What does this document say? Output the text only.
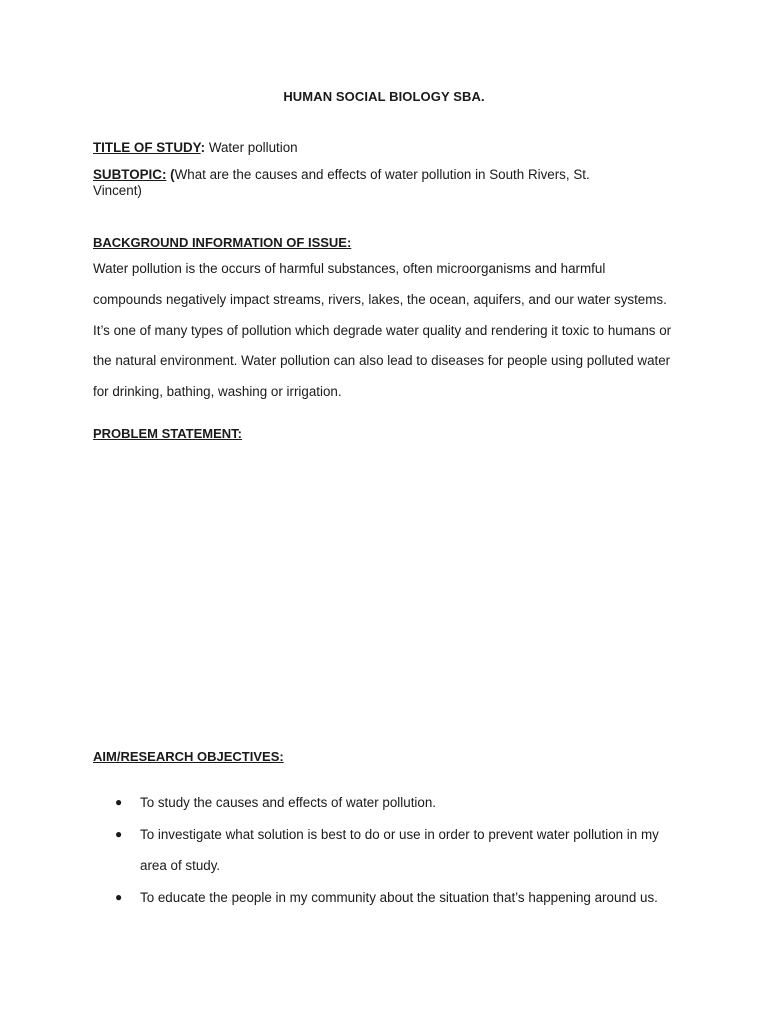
HUMAN SOCIAL BIOLOGY SBA.
TITLE OF STUDY: Water pollution
SUBTOPIC: (What are the causes and effects of water pollution in South Rivers, St. Vincent)
BACKGROUND INFORMATION OF ISSUE:
Water pollution is the occurs of harmful substances, often microorganisms and harmful compounds negatively impact streams, rivers, lakes, the ocean, aquifers, and our water systems. It’s one of many types of pollution which degrade water quality and rendering it toxic to humans or the natural environment. Water pollution can also lead to diseases for people using polluted water for drinking, bathing, washing or irrigation.
PROBLEM STATEMENT:
AIM/RESEARCH OBJECTIVES:
● To study the causes and effects of water pollution.
● To investigate what solution is best to do or use in order to prevent water pollution in my area of study.
● To educate the people in my community about the situation that’s happening around us.
